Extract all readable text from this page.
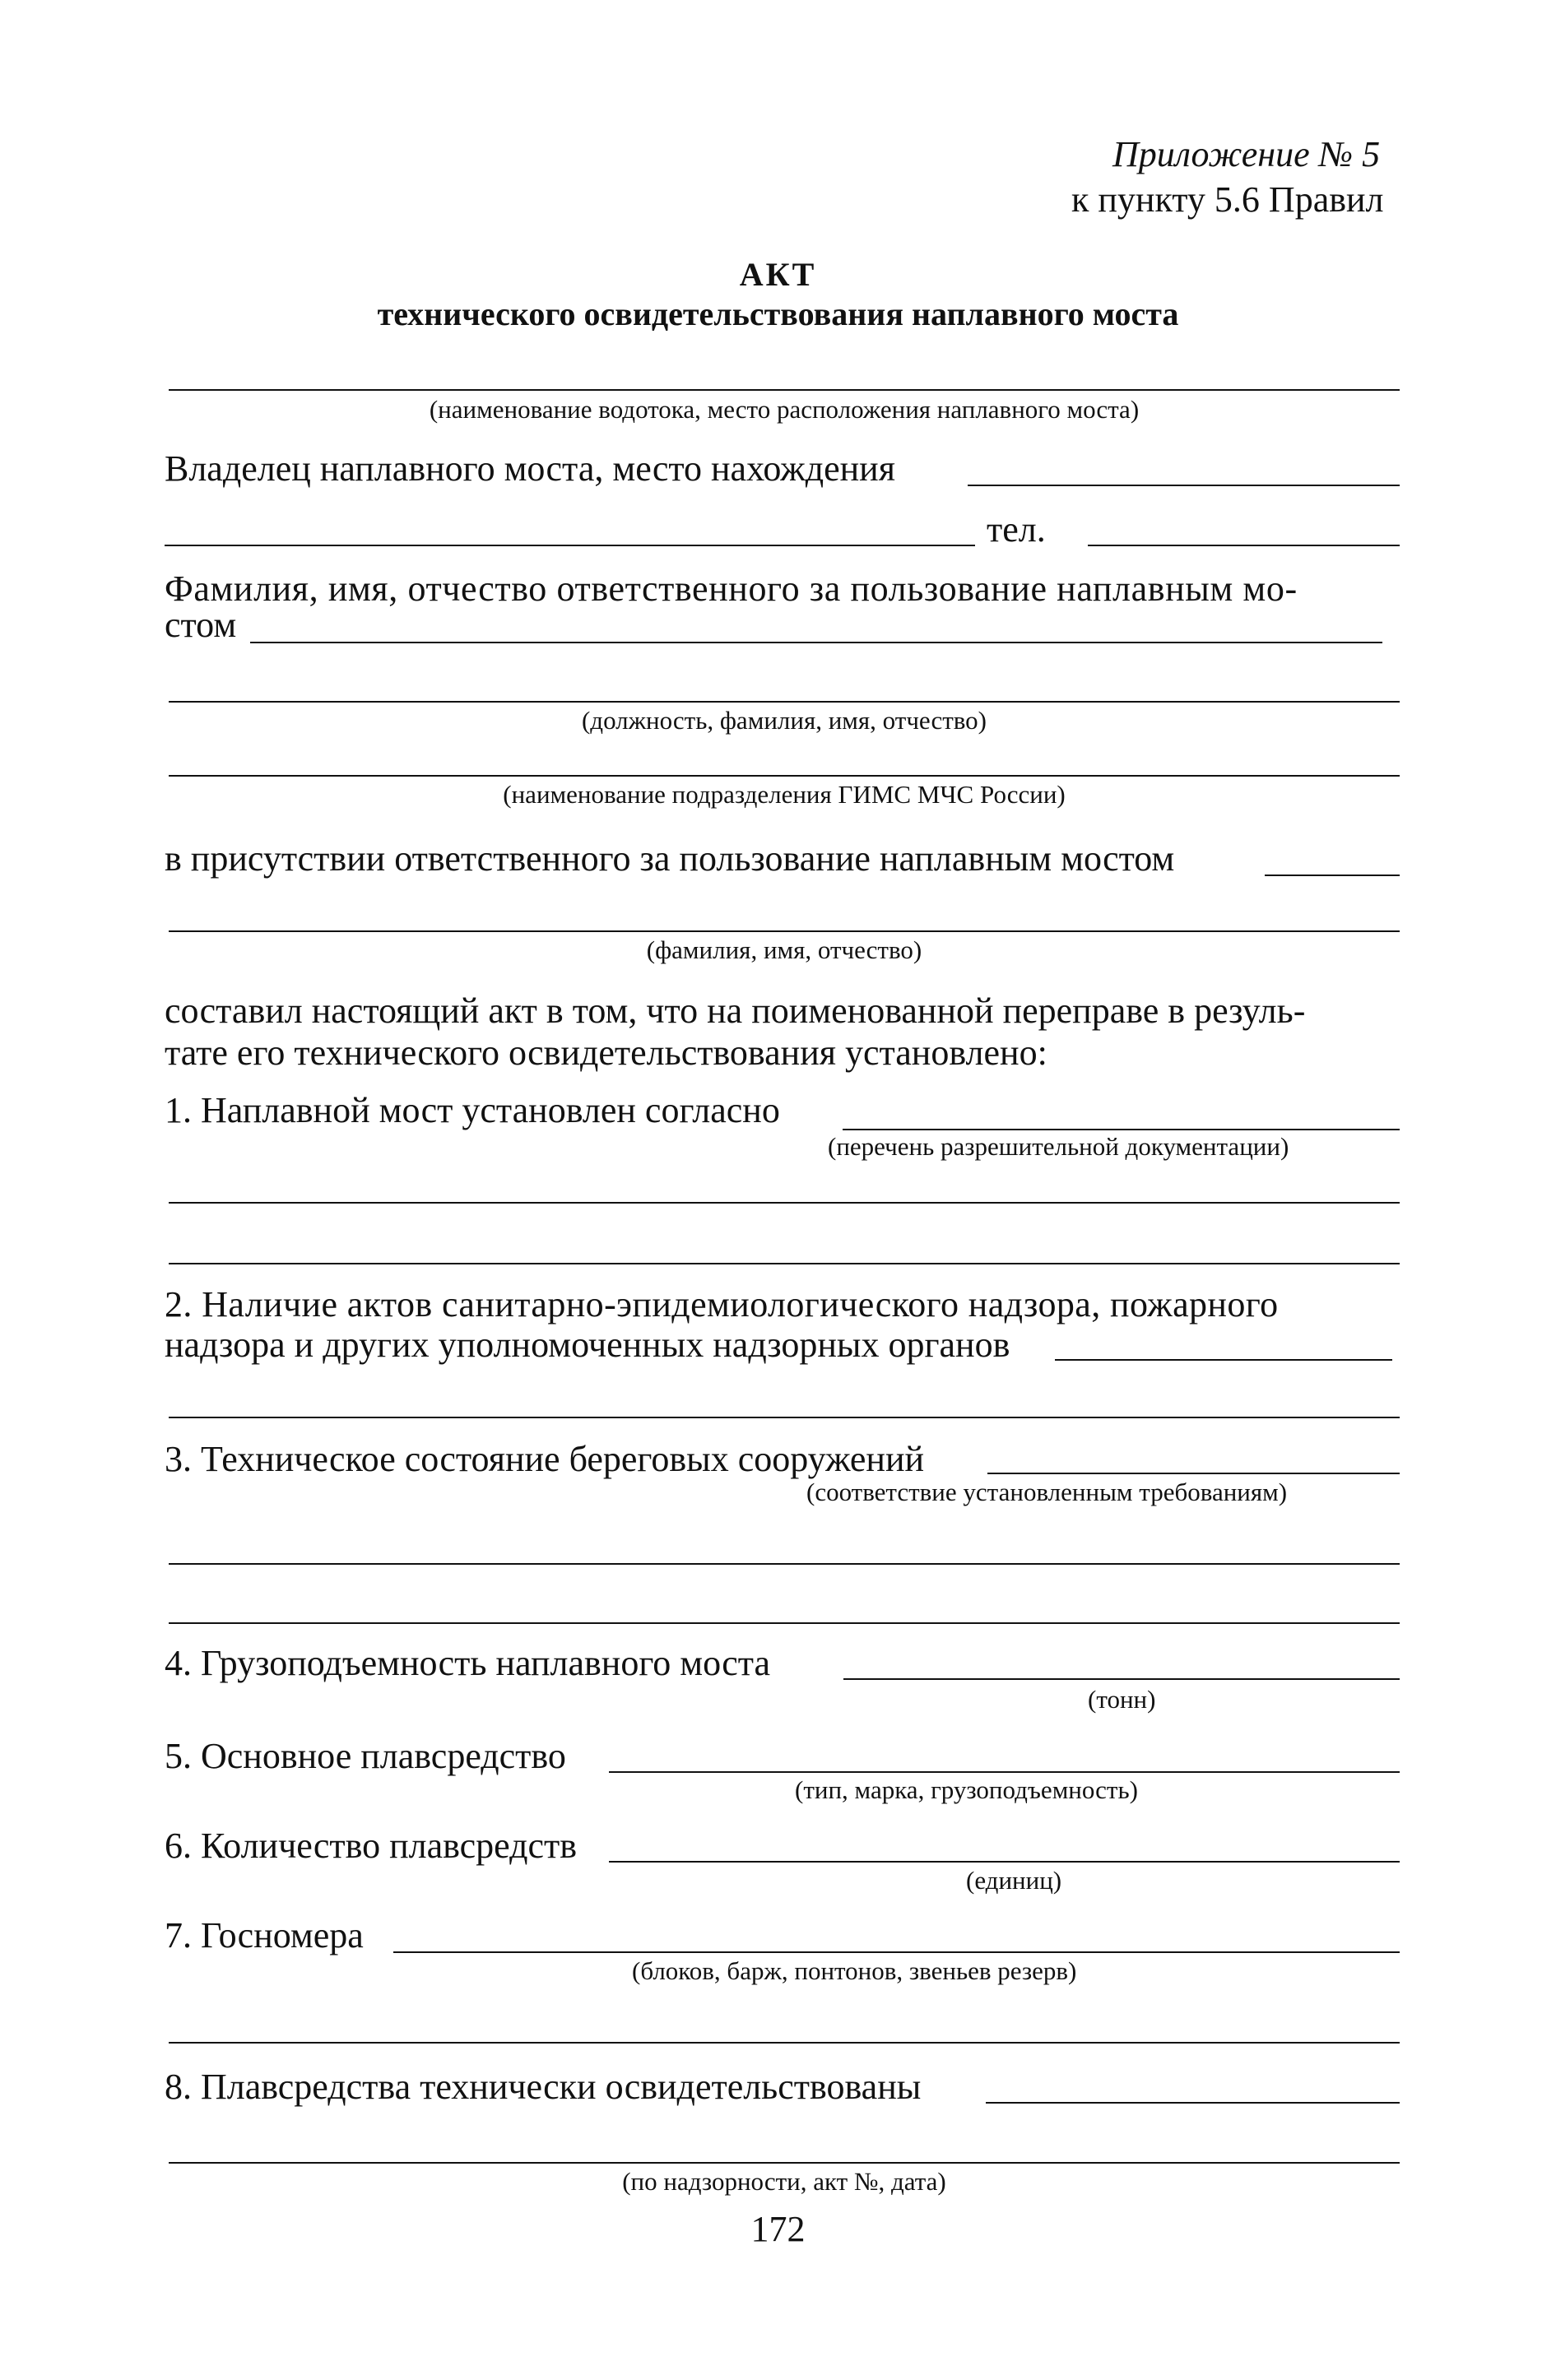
Приложение № 5
к пункту 5.6 Правил
АКТ
технического освидетельствования наплавного моста
(наименование водотока, место расположения наплавного моста)
Владелец наплавного моста, место нахождения
тел.
Фамилия, имя, отчество ответственного за пользование наплавным мо-
стом
(должность, фамилия, имя, отчество)
(наименование подразделения ГИМС МЧС России)
в присутствии ответственного за пользование наплавным мостом
(фамилия, имя, отчество)
составил настоящий акт в том, что на поименованной переправе в резуль-
тате его технического освидетельствования установлено:
1. Наплавной мост установлен согласно
(перечень разрешительной документации)
2. Наличие актов санитарно-эпидемиологического надзора, пожарного
надзора и других уполномоченных надзорных органов
3. Техническое состояние береговых сооружений
(соответствие установленным требованиям)
4. Грузоподъемность наплавного моста
(тонн)
5. Основное плавсредство
(тип, марка, грузоподъемность)
6. Количество плавсредств
(единиц)
7. Госномера
(блоков, барж, понтонов, звеньев резерв)
8. Плавсредства технически освидетельствованы
(по надзорности, акт №, дата)
172
